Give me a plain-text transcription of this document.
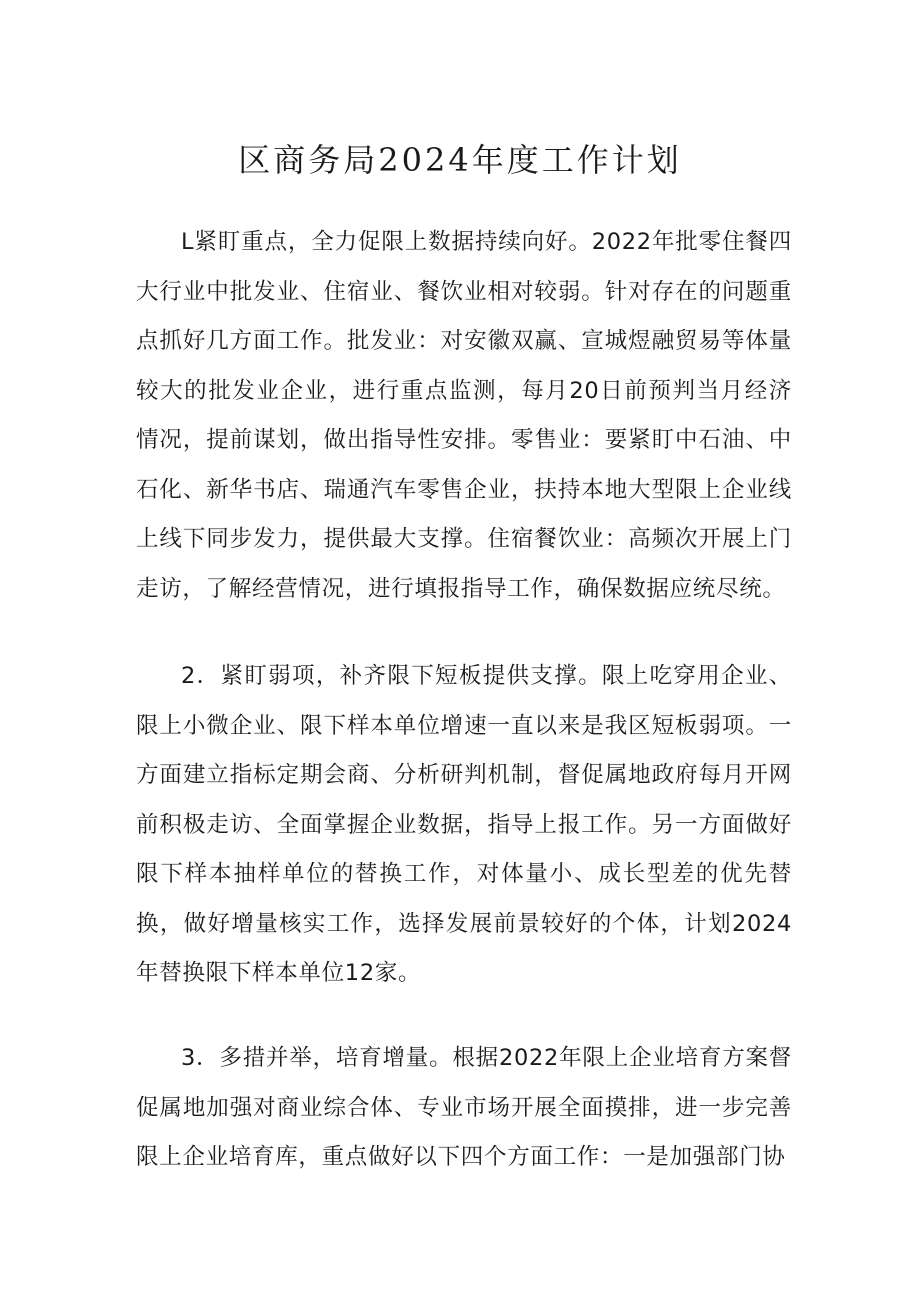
区商务局2024年度工作计划

L紧盯重点，全力促限上数据持续向好。2022年批零住餐四大行业中批发业、住宿业、餐饮业相对较弱。针对存在的问题重点抓好几方面工作。批发业：对安徽双赢、宣城煜融贸易等体量较大的批发业企业，进行重点监测，每月20日前预判当月经济情况，提前谋划，做出指导性安排。零售业：要紧盯中石油、中石化、新华书店、瑞通汽车零售企业，扶持本地大型限上企业线上线下同步发力，提供最大支撑。住宿餐饮业：高频次开展上门走访，了解经营情况，进行填报指导工作，确保数据应统尽统。

2．紧盯弱项，补齐限下短板提供支撑。限上吃穿用企业、限上小微企业、限下样本单位增速一直以来是我区短板弱项。一方面建立指标定期会商、分析研判机制，督促属地政府每月开网前积极走访、全面掌握企业数据，指导上报工作。另一方面做好限下样本抽样单位的替换工作，对体量小、成长型差的优先替换，做好增量核实工作，选择发展前景较好的个体，计划2024年替换限下样本单位12家。

3．多措并举，培育增量。根据2022年限上企业培育方案督促属地加强对商业综合体、专业市场开展全面摸排，进一步完善限上企业培育库，重点做好以下四个方面工作：一是加强部门协
